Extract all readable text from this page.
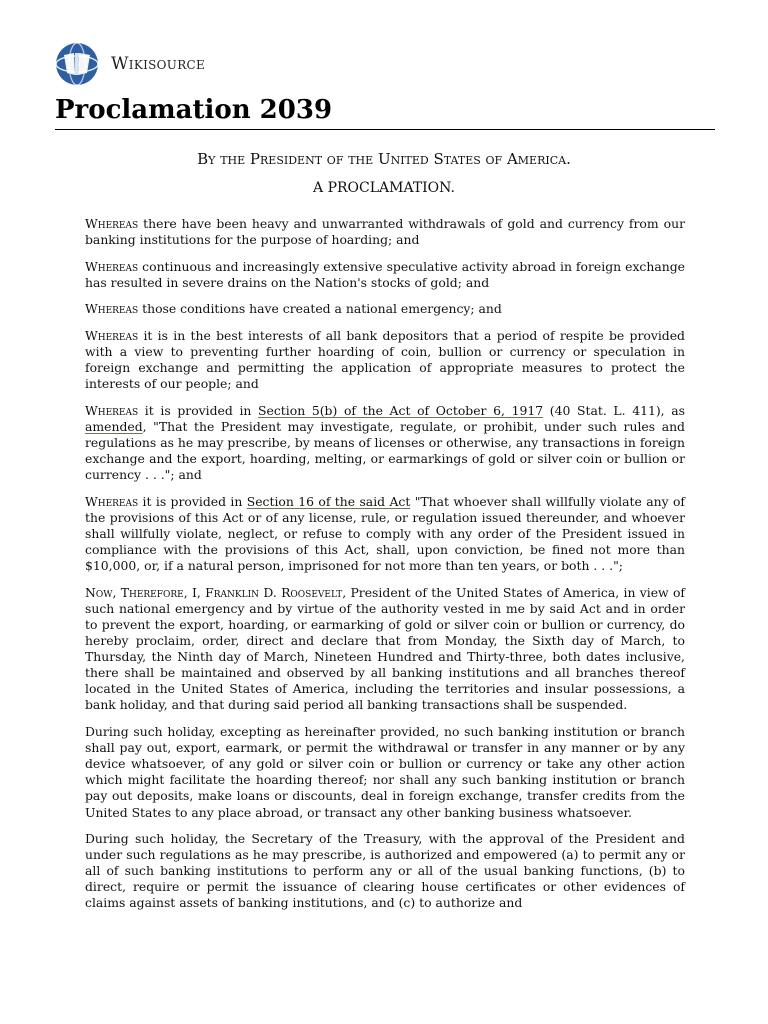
Wikisource
Proclamation 2039
By the President of the United States of America.
A PROCLAMATION.

Whereas there have been heavy and unwarranted withdrawals of gold and currency from our banking institutions for the purpose of hoarding; and

Whereas continuous and increasingly extensive speculative activity abroad in foreign exchange has resulted in severe drains on the Nation's stocks of gold; and

Whereas those conditions have created a national emergency; and

Whereas it is in the best interests of all bank depositors that a period of respite be provided with a view to preventing further hoarding of coin, bullion or currency or speculation in foreign exchange and permitting the application of appropriate measures to protect the interests of our people; and

Whereas it is provided in Section 5(b) of the Act of October 6, 1917 (40 Stat. L. 411), as amended, "That the President may investigate, regulate, or prohibit, under such rules and regulations as he may prescribe, by means of licenses or otherwise, any transactions in foreign exchange and the export, hoarding, melting, or earmarkings of gold or silver coin or bullion or currency . . ."; and

Whereas it is provided in Section 16 of the said Act "That whoever shall willfully violate any of the provisions of this Act or of any license, rule, or regulation issued thereunder, and whoever shall willfully violate, neglect, or refuse to comply with any order of the President issued in compliance with the provisions of this Act, shall, upon conviction, be fined not more than $10,000, or, if a natural person, imprisoned for not more than ten years, or both . . .";

Now, Therefore, I, Franklin D. Roosevelt, President of the United States of America, in view of such national emergency and by virtue of the authority vested in me by said Act and in order to prevent the export, hoarding, or earmarking of gold or silver coin or bullion or currency, do hereby proclaim, order, direct and declare that from Monday, the Sixth day of March, to Thursday, the Ninth day of March, Nineteen Hundred and Thirty-three, both dates inclusive, there shall be maintained and observed by all banking institutions and all branches thereof located in the United States of America, including the territories and insular possessions, a bank holiday, and that during said period all banking transactions shall be suspended.

During such holiday, excepting as hereinafter provided, no such banking institution or branch shall pay out, export, earmark, or permit the withdrawal or transfer in any manner or by any device whatsoever, of any gold or silver coin or bullion or currency or take any other action which might facilitate the hoarding thereof; nor shall any such banking institution or branch pay out deposits, make loans or discounts, deal in foreign exchange, transfer credits from the United States to any place abroad, or transact any other banking business whatsoever.

During such holiday, the Secretary of the Treasury, with the approval of the President and under such regulations as he may prescribe, is authorized and empowered (a) to permit any or all of such banking institutions to perform any or all of the usual banking functions, (b) to direct, require or permit the issuance of clearing house certificates or other evidences of claims against assets of banking institutions, and (c) to authorize and
